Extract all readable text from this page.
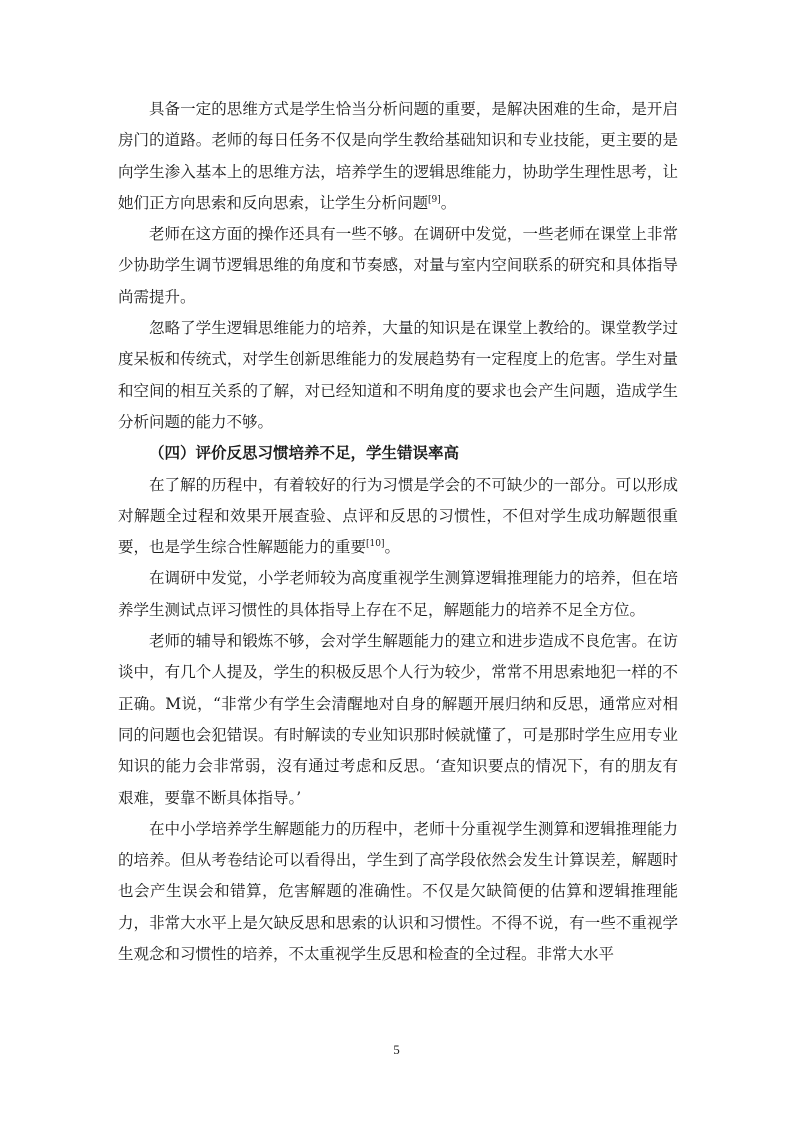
具备一定的思维方式是学生恰当分析问题的重要，是解决困难的生命，是开启房门的道路。老师的每日任务不仅是向学生教给基础知识和专业技能，更主要的是向学生渗入基本上的思维方法，培养学生的逻辑思维能力，协助学生理性思考，让她们正方向思索和反向思索，让学生分析问题[9]。

老师在这方面的操作还具有一些不够。在调研中发觉，一些老师在课堂上非常少协助学生调节逻辑思维的角度和节奏感，对量与室内空间联系的研究和具体指导尚需提升。

忽略了学生逻辑思维能力的培养，大量的知识是在课堂上教给的。课堂教学过度呆板和传统式，对学生创新思维能力的发展趋势有一定程度上的危害。学生对量和空间的相互关系的了解，对已经知道和不明角度的要求也会产生问题，造成学生分析问题的能力不够。

（四）评价反思习惯培养不足，学生错误率高

在了解的历程中，有着较好的行为习惯是学会的不可缺少的一部分。可以形成对解题全过程和效果开展查验、点评和反思的习惯性，不但对学生成功解题很重要，也是学生综合性解题能力的重要[10]。

在调研中发觉，小学老师较为高度重视学生测算逻辑推理能力的培养，但在培养学生测试点评习惯性的具体指导上存在不足，解题能力的培养不足全方位。

老师的辅导和锻炼不够，会对学生解题能力的建立和进步造成不良危害。在访谈中，有几个人提及，学生的积极反思个人行为较少，常常不用思索地犯一样的不正确。M说，“非常少有学生会清醒地对自身的解题开展归纳和反思，通常应对相同的问题也会犯错误。有时解读的专业知识那时候就懂了，可是那时学生应用专业知识的能力会非常弱，沒有通过考虑和反思。‘查知识要点的情况下，有的朋友有艰难，要靠不断具体指导。’

在中小学培养学生解题能力的历程中，老师十分重视学生测算和逻辑推理能力的培养。但从考卷结论可以看得出，学生到了高学段依然会发生计算误差，解题时也会产生误会和错算，危害解题的准确性。不仅是欠缺简便的估算和逻辑推理能力，非常大水平上是欠缺反思和思索的认识和习惯性。不得不说，有一些不重视学生观念和习惯性的培养，不太重视学生反思和检查的全过程。非常大水平

5
